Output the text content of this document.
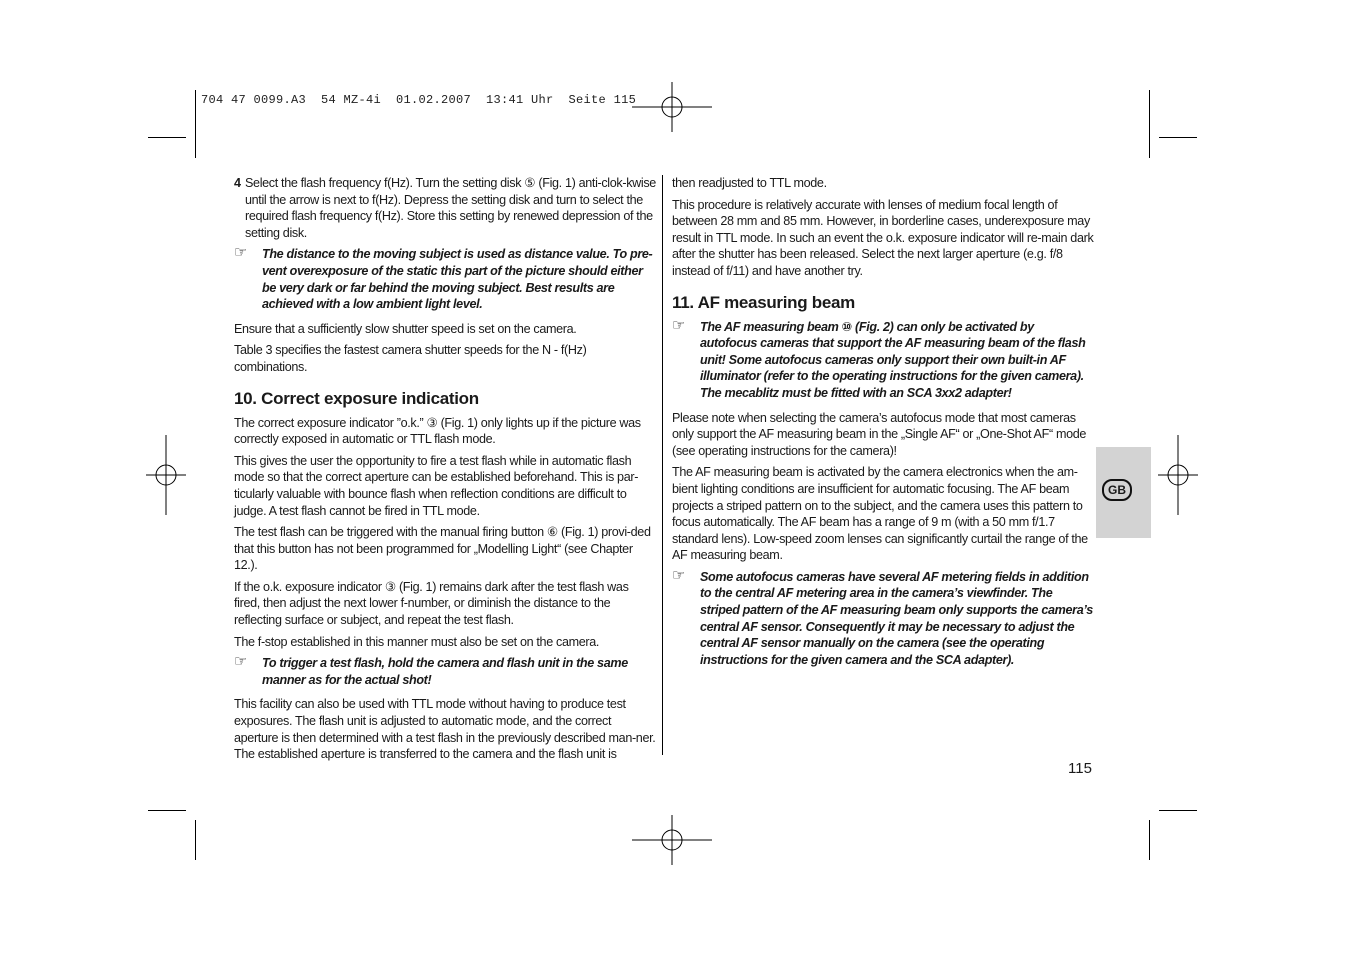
704 47 0099.A3  54 MZ-4i  01.02.2007  13:41 Uhr  Seite 115
4 Select the flash frequency f(Hz). Turn the setting disk ⑤ (Fig. 1) anti-clok-kwise until the arrow is next to f(Hz). Depress the setting disk and turn to select the required flash frequency f(Hz). Store this setting by renewed depression of the setting disk.
☞ The distance to the moving subject is used as distance value. To pre-vent overexposure of the static this part of the picture should either be very dark or far behind the moving subject. Best results are achieved with a low ambient light level.

Ensure that a sufficiently slow shutter speed is set on the camera.

Table 3 specifies the fastest camera shutter speeds for the N - f(Hz) combinations.

10. Correct exposure indication

The correct exposure indicator ”o.k.” ③ (Fig. 1) only lights up if the picture was correctly exposed in automatic or TTL flash mode.

This gives the user the opportunity to fire a test flash while in automatic flash mode so that the correct aperture can be established beforehand. This is par-ticularly valuable with bounce flash when reflection conditions are difficult to judge. A test flash cannot be fired in TTL mode.

The test flash can be triggered with the manual firing button ⑥ (Fig. 1) provi-ded that this button has not been programmed for „Modelling Light“ (see Chapter 12.).

If the o.k. exposure indicator ③ (Fig. 1) remains dark after the test flash was fired, then adjust the next lower f-number, or diminish the distance to the reflecting surface or subject, and repeat the test flash.

The f-stop established in this manner must also be set on the camera.

☞ To trigger a test flash, hold the camera and flash unit in the same manner as for the actual shot!

This facility can also be used with TTL mode without having to produce test exposures. The flash unit is adjusted to automatic mode, and the correct aperture is then determined with a test flash in the previously described man-ner. The established aperture is transferred to the camera and the flash unit is

then readjusted to TTL mode.

This procedure is relatively accurate with lenses of medium focal length of between 28 mm and 85 mm. However, in borderline cases, underexposure may result in TTL mode. In such an event the o.k. exposure indicator will re-main dark after the shutter has been released. Select the next larger aperture (e.g. f/8 instead of f/11) and have another try.

11. AF measuring beam
☞ The AF measuring beam ⑩ (Fig. 2) can only be activated by autofocus cameras that support the AF measuring beam of the flash unit! Some autofocus cameras only support their own built-in AF illuminator (refer to the operating instructions for the given camera). The mecablitz must be fitted with an SCA 3xx2 adapter!

Please note when selecting the camera’s autofocus mode that most cameras only support the AF measuring beam in the „Single AF“ or „One-Shot AF“ mode (see operating instructions for the camera)!

The AF measuring beam is activated by the camera electronics when the am-bient lighting conditions are insufficient for automatic focusing. The AF beam projects a striped pattern on to the subject, and the camera uses this pattern to focus automatically. The AF beam has a range of 9 m (with a 50 mm f/1.7 standard lens). Low-speed zoom lenses can significantly curtail the range of the AF measuring beam.

☞ Some autofocus cameras have several AF metering fields in addition to the central AF metering area in the camera’s viewfinder. The striped pattern of the AF measuring beam only supports the camera’s central AF sensor. Consequently it may be necessary to adjust the central AF sensor manually on the camera (see the operating instructions for the given camera and the SCA adapter).
GB
115
